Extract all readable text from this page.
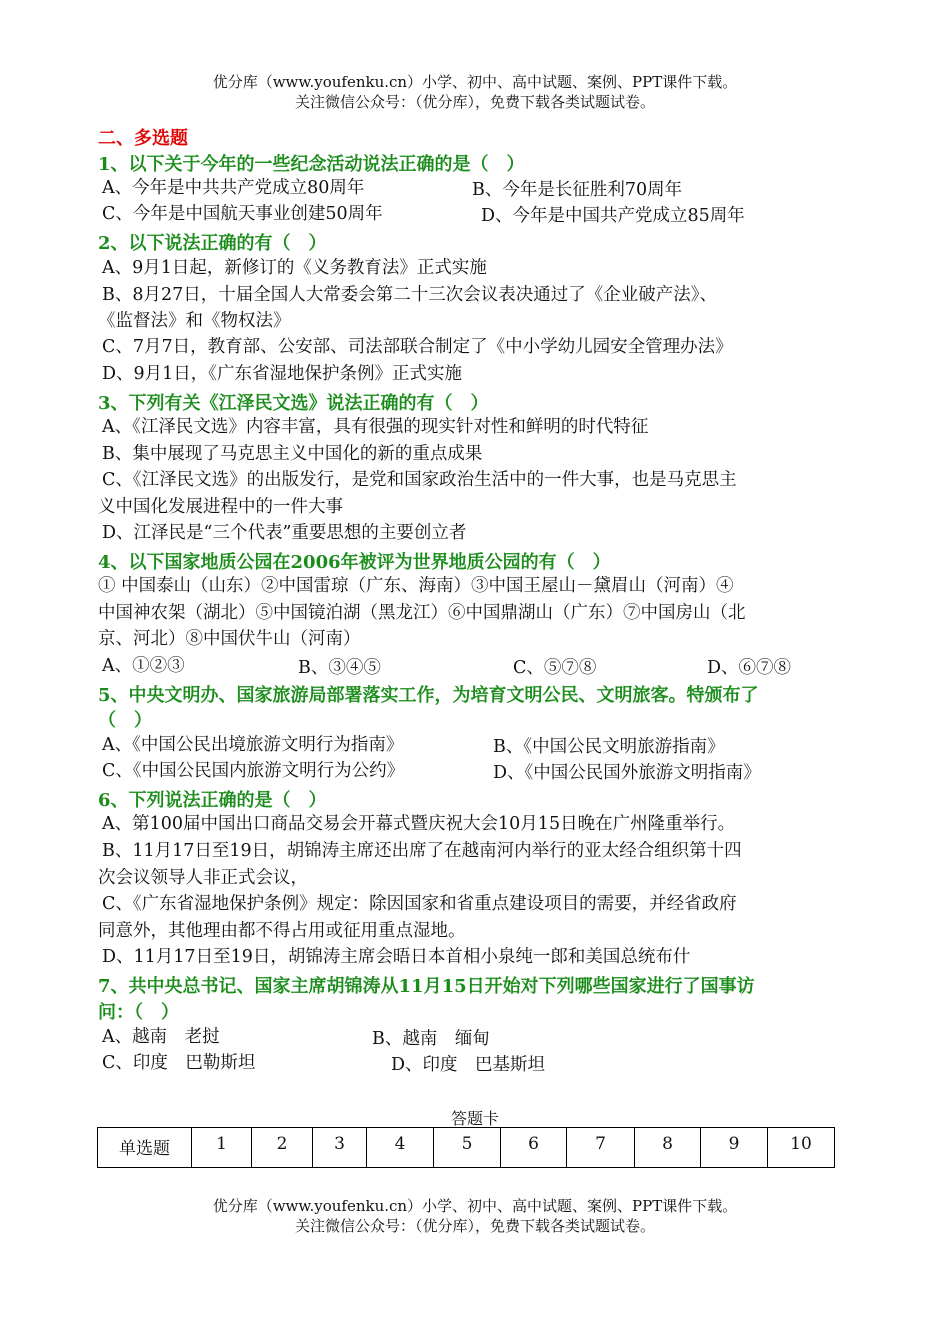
优分库（www.youfenku.cn）小学、初中、高中试题、案例、PPT课件下载。
关注微信公众号：（优分库），免费下载各类试题试卷。
二、多选题
1、以下关于今年的一些纪念活动说法正确的是（　）
A、今年是中共共产党成立80周年	B、今年是长征胜利70周年
C、今年是中国航天事业创建50周年	D、今年是中国共产党成立85周年
2、以下说法正确的有（　）
A、9月1日起，新修订的《义务教育法》正式实施
B、8月27日，十届全国人大常委会第二十三次会议表决通过了《企业破产法》、
《监督法》和《物权法》
C、7月7日，教育部、公安部、司法部联合制定了《中小学幼儿园安全管理办法》
D、9月1日，《广东省湿地保护条例》正式实施
3、下列有关《江泽民文选》说法正确的有（　）
A、《江泽民文选》内容丰富，具有很强的现实针对性和鲜明的时代特征
B、集中展现了马克思主义中国化的新的重点成果
C、《江泽民文选》的出版发行，是党和国家政治生活中的一件大事，也是马克思主
义中国化发展进程中的一件大事
D、江泽民是“三个代表”重要思想的主要创立者
4、以下国家地质公园在2006年被评为世界地质公园的有（　）
① 中国泰山（山东）②中国雷琼（广东、海南）③中国王屋山－黛眉山（河南）④
中国神农架（湖北）⑤中国镜泊湖（黑龙江）⑥中国鼎湖山（广东）⑦中国房山（北
京、河北）⑧中国伏牛山（河南）
A、①②③	B、③④⑤	C、⑤⑦⑧	D、⑥⑦⑧
5、中央文明办、国家旅游局部署落实工作，为培育文明公民、文明旅客。特颁布了
（　）
A、《中国公民出境旅游文明行为指南》	B、《中国公民文明旅游指南》
C、《中国公民国内旅游文明行为公约》	D、《中国公民国外旅游文明指南》
6、下列说法正确的是（　）
A、第100届中国出口商品交易会开幕式暨庆祝大会10月15日晚在广州隆重举行。
B、11月17日至19日，胡锦涛主席还出席了在越南河内举行的亚太经合组织第十四
次会议领导人非正式会议，
C、《广东省湿地保护条例》规定：除因国家和省重点建设项目的需要，并经省政府
同意外，其他理由都不得占用或征用重点湿地。
D、11月17日至19日，胡锦涛主席会晤日本首相小泉纯一郎和美国总统布什
7、共中央总书记、国家主席胡锦涛从11月15日开始对下列哪些国家进行了国事访
问：（　）
A、越南　老挝	B、越南　缅甸
C、印度　巴勒斯坦	D、印度　巴基斯坦
答题卡
单选题	1	2	3	4	5	6	7	8	9	10
优分库（www.youfenku.cn）小学、初中、高中试题、案例、PPT课件下载。
关注微信公众号：（优分库），免费下载各类试题试卷。
